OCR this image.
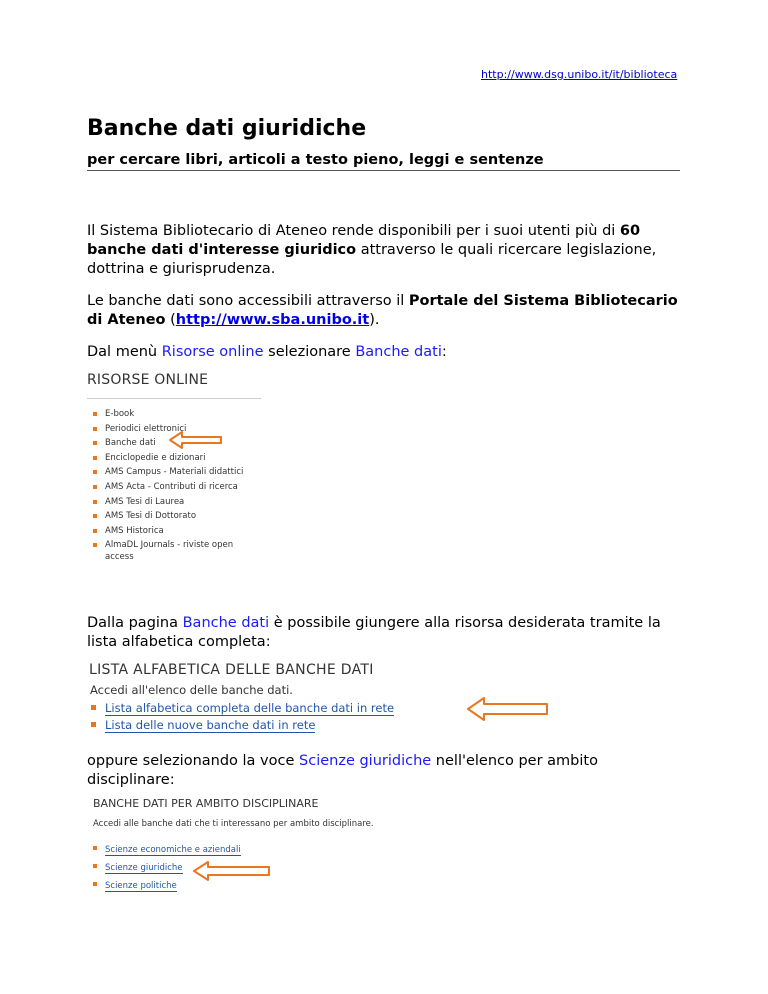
http://www.dsg.unibo.it/it/biblioteca
Banche dati giuridiche
per cercare libri, articoli a testo pieno, leggi e sentenze
Il Sistema Bibliotecario di Ateneo rende disponibili per i suoi utenti più di 60 banche dati d'interesse giuridico attraverso le quali ricercare legislazione, dottrina e giurisprudenza.
Le banche dati sono accessibili attraverso il Portale del Sistema Bibliotecario di Ateneo (http://www.sba.unibo.it).
Dal menù Risorse online selezionare Banche dati:
RISORSE ONLINE
E-book
Periodici elettronici
Banche dati
Enciclopedie e dizionari
AMS Campus - Materiali didattici
AMS Acta - Contributi di ricerca
AMS Tesi di Laurea
AMS Tesi di Dottorato
AMS Historica
AlmaDL Journals - riviste open
access
Dalla pagina Banche dati è possibile giungere alla risorsa desiderata tramite la lista alfabetica completa:
LISTA ALFABETICA DELLE BANCHE DATI
Accedi all'elenco delle banche dati.
Lista alfabetica completa delle banche dati in rete
Lista delle nuove banche dati in rete
oppure selezionando la voce Scienze giuridiche nell'elenco per ambito disciplinare:
BANCHE DATI PER AMBITO DISCIPLINARE
Accedi alle banche dati che ti interessano per ambito disciplinare.
Scienze economiche e aziendali
Scienze giuridiche
Scienze politiche
